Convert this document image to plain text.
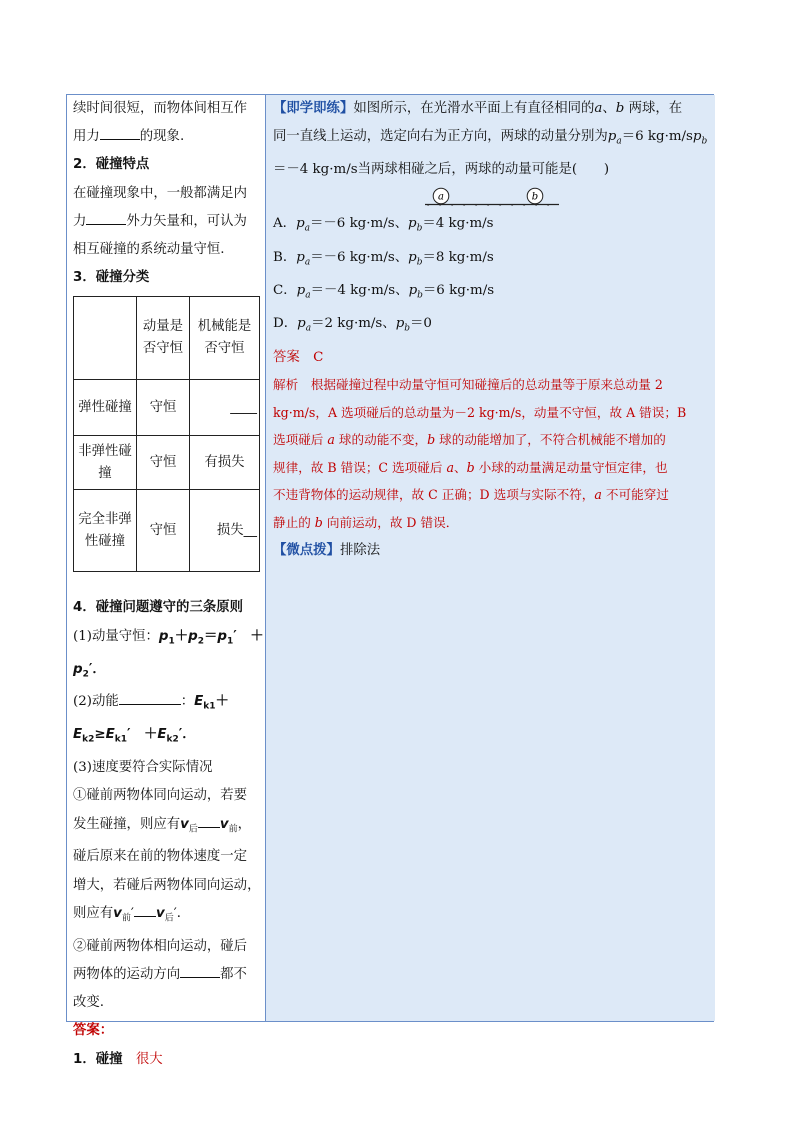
续时间很短，而物体间相互作
用力	的现象.
2．碰撞特点
在碰撞现象中，一般都满足内
力	外力矢量和，可认为
相互碰撞的系统动量守恒.
3．碰撞分类
	动量是否守恒	机械能是否守恒
弹性碰撞	守恒	____
非弹性碰撞	守恒	有损失
完全非弹性碰撞	守恒	损失__
4．碰撞问题遵守的三条原则
(1)动量守恒：$p_1+p_2=p_1'$　＋
$p_2'$．
(2)动能	：$E_{k1}+$
$E_{k2}\ge E_{k1}'$　$+E_{k2}'$．
(3)速度要符合实际情况
①碰前两物体同向运动，若要
发生碰撞，则应有$v_后$ $v_前$，
碰后原来在前的物体速度一定
增大，若碰后两物体同向运动，
则应有$v_前'$ $v_后'$．
②碰前两物体相向运动，碰后
两物体的运动方向	都不
改变.
答案：
1．碰撞　 很大
【即学即练】如图所示，在光滑水平面上有直径相同的a、b 两球，在
同一直线上运动，选定向右为正方向，两球的动量分别为$p_a=6$ $kg\cdot m/sp_b$
＝－4 kg·m/s当两球相碰之后，两球的动量可能是(　　)
a	b
A．$p_a=-6$ kg·m/s、$p_b=4$ kg·m/s
B．$p_a=-6$ kg·m/s、$p_b=8$ kg·m/s
C．$p_a=-4$ kg·m/s、$p_b=6$ kg·m/s
D．$p_a=2$ kg·m/s、$p_b=0$
答案　 C
解析　 根据碰撞过程中动量守恒可知碰撞后的总动量等于原来总动量 2
kg·m/s，A 选项碰后的总动量为－2 kg·m/s，动量不守恒，故 A 错误；B
选项碰后 a 球的动能不变，b 球的动能增加了，不符合机械能不增加的
规律，故 B 错误；C 选项碰后 a、b 小球的动量满足动量守恒定律，也
不违背物体的运动规律，故 C 正确；D 选项与实际不符，a 不可能穿过
静止的 b 向前运动，故 D 错误．
【微点拨】排除法
